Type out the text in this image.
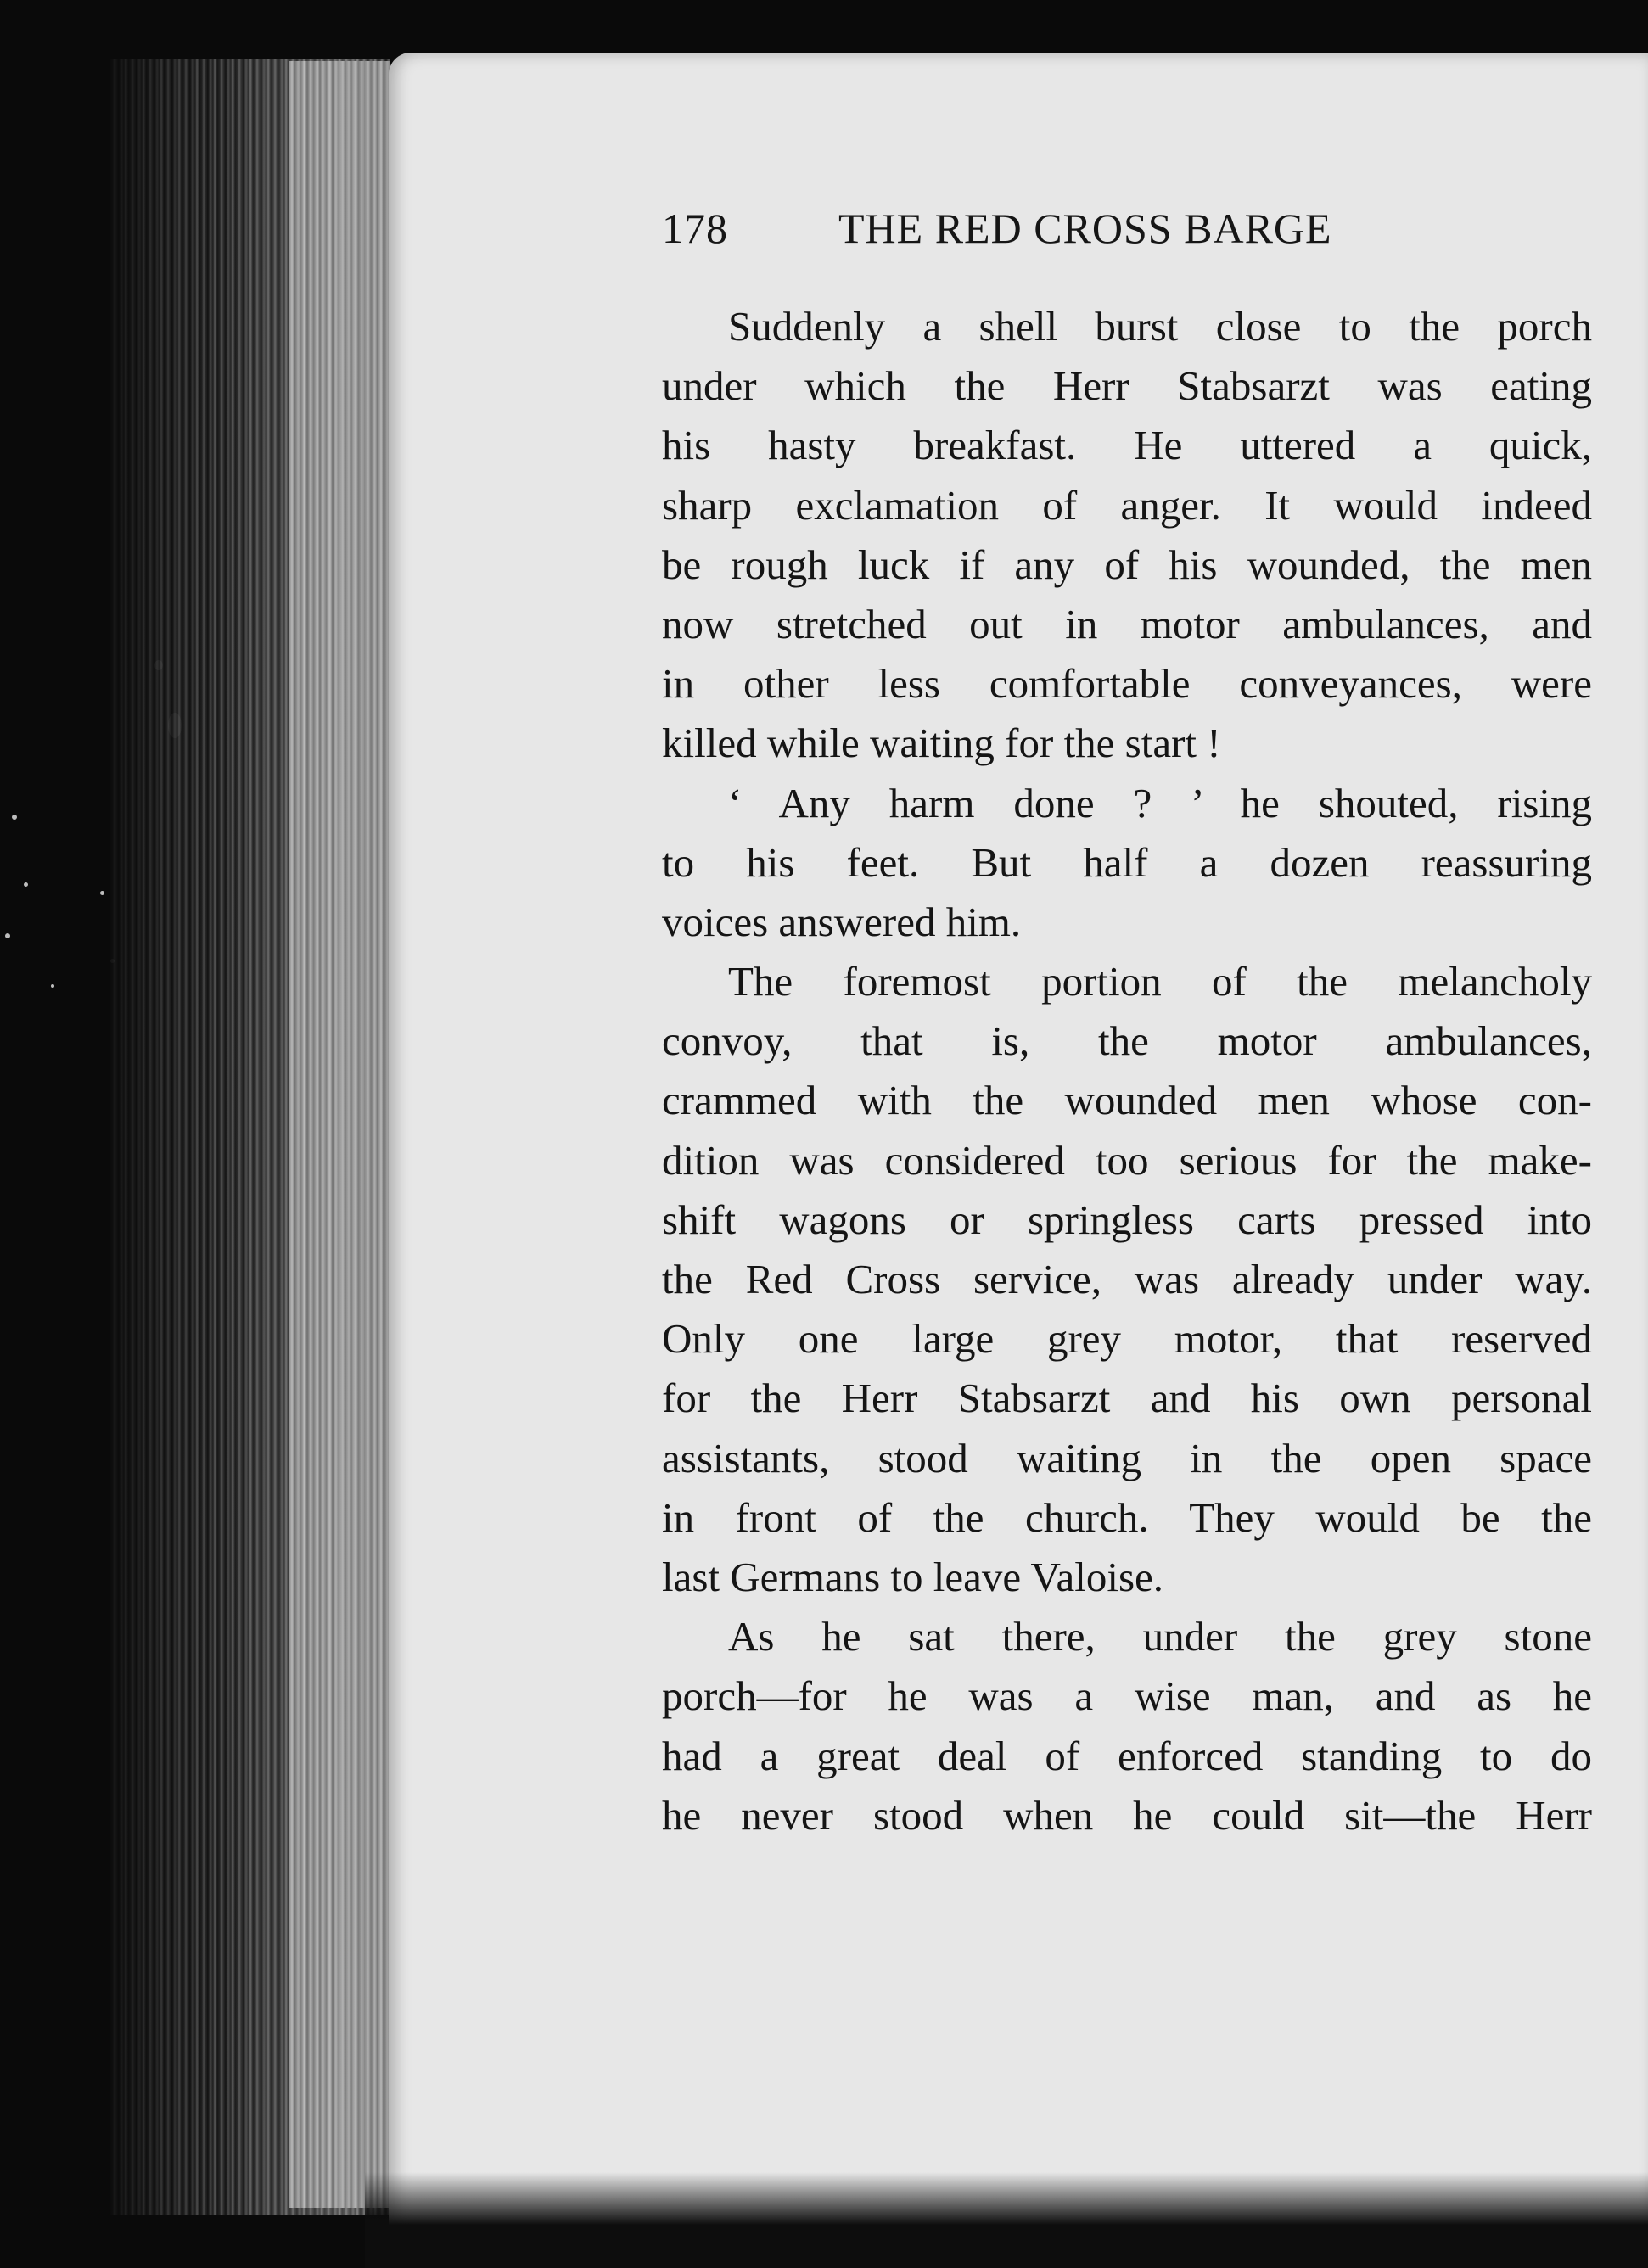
178	THE RED CROSS BARGE
Suddenly a shell burst close to the porch
under which the Herr Stabsarzt was eating
his hasty breakfast. He uttered a quick,
sharp exclamation of anger. It would indeed
be rough luck if any of his wounded, the men
now stretched out in motor ambulances, and
in other less comfortable conveyances, were
killed while waiting for the start !
‘ Any harm done ? ’ he shouted, rising
to his feet. But half a dozen reassuring
voices answered him.
The foremost portion of the melancholy
convoy, that is, the motor ambulances,
crammed with the wounded men whose con-
dition was considered too serious for the make-
shift wagons or springless carts pressed into
the Red Cross service, was already under way.
Only one large grey motor, that reserved
for the Herr Stabsarzt and his own personal
assistants, stood waiting in the open space
in front of the church. They would be the
last Germans to leave Valoise.
As he sat there, under the grey stone
porch—for he was a wise man, and as he
had a great deal of enforced standing to do
he never stood when he could sit—the Herr
